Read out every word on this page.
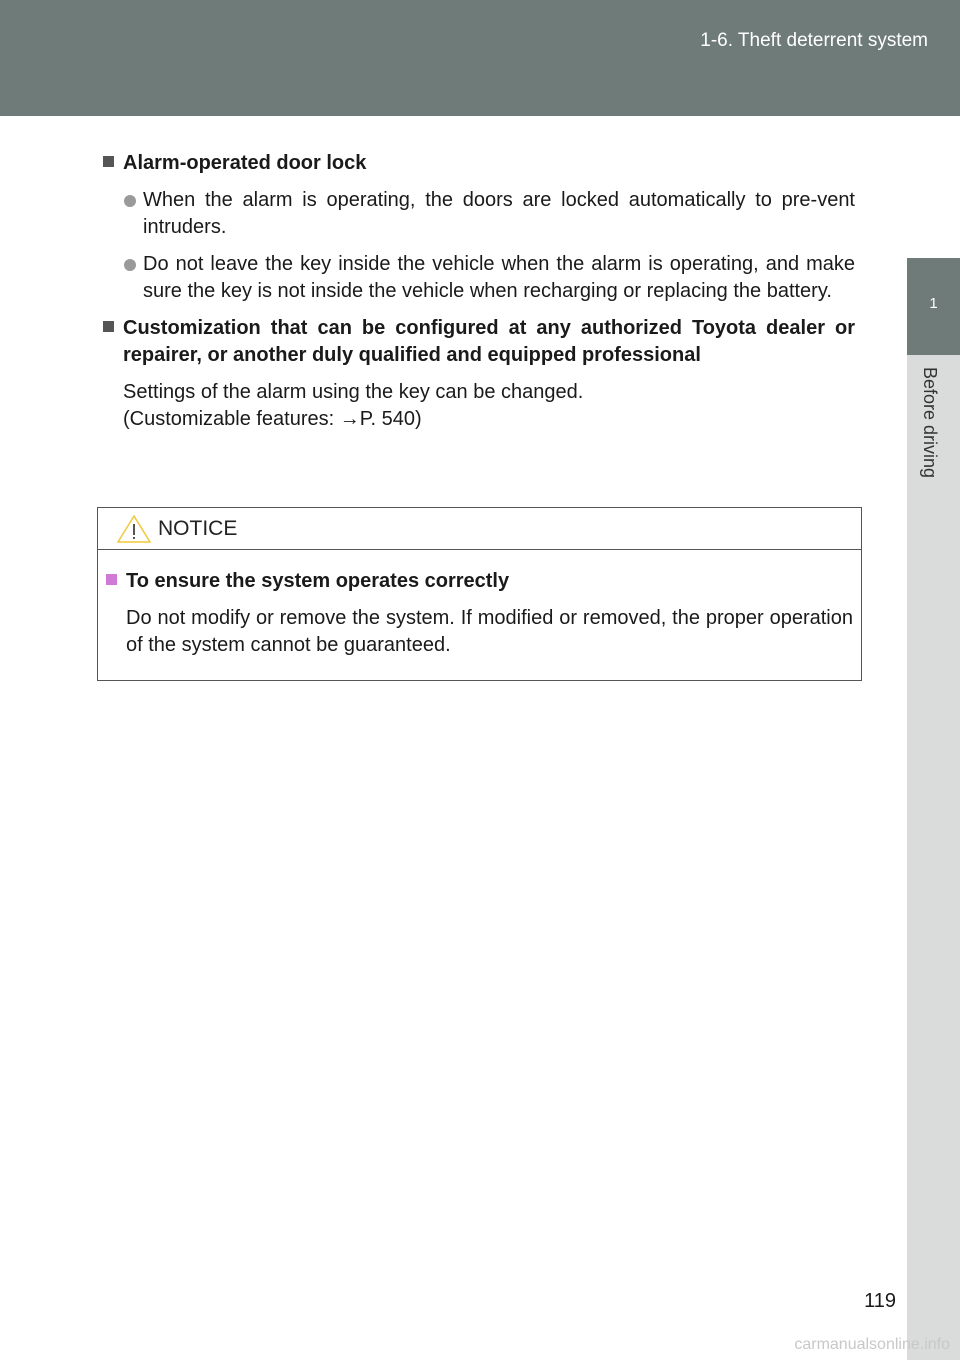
1-6. Theft deterrent system
1
Before driving

Alarm-operated door lock

When the alarm is operating, the doors are locked automatically to pre-vent intruders.
Do not leave the key inside the vehicle when the alarm is operating, and make sure the key is not inside the vehicle when recharging or replacing the battery.

Customization that can be configured at any authorized Toyota dealer or repairer, or another duly qualified and equipped professional

Settings of the alarm using the key can be changed.
(Customizable features: →P. 540)

NOTICE

To ensure the system operates correctly

Do not modify or remove the system. If modified or removed, the proper operation of the system cannot be guaranteed.

119
carmanualsonline.info
